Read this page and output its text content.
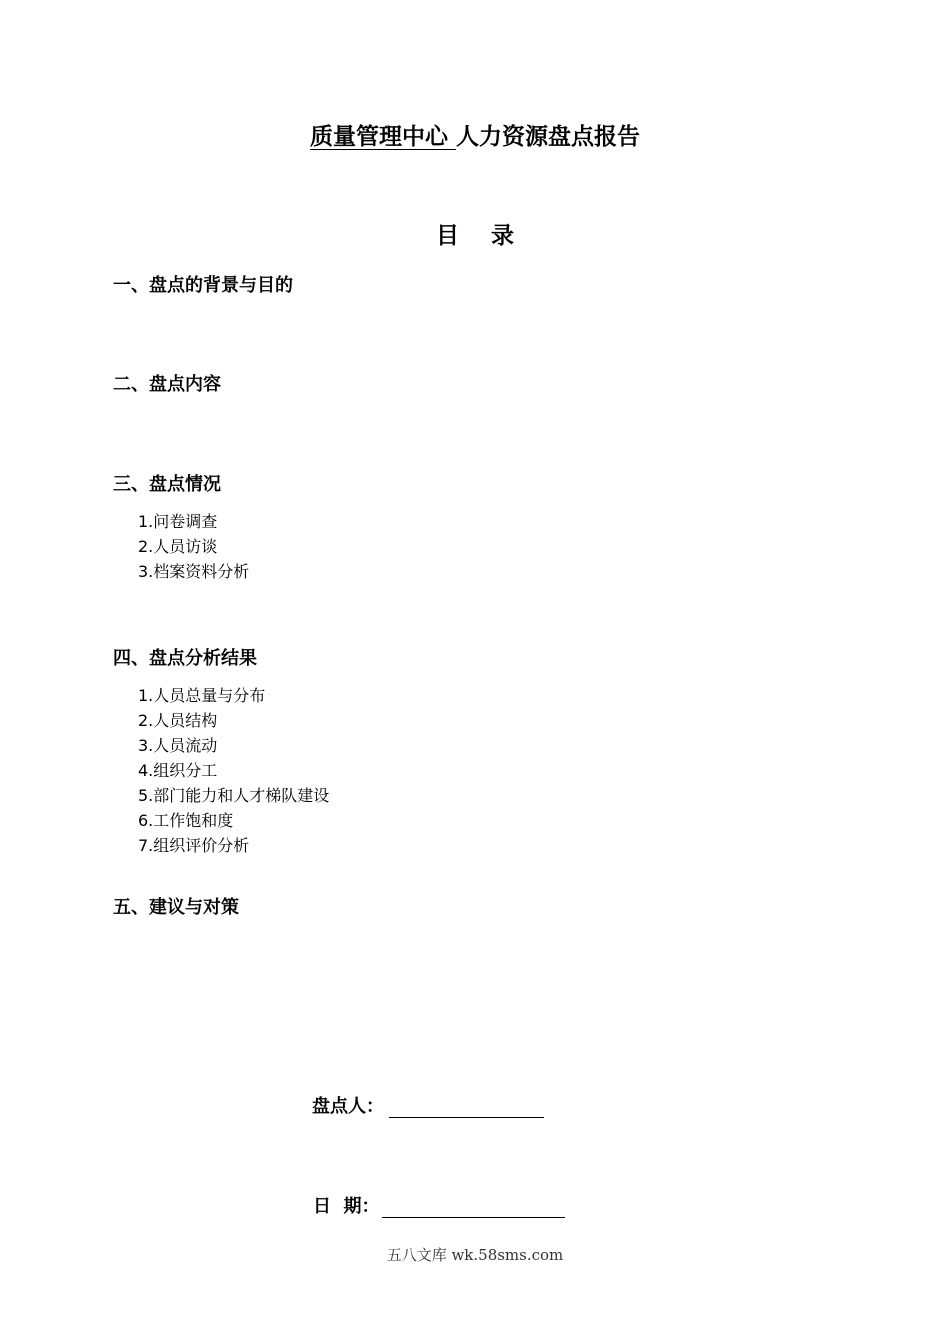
质量管理中心 人力资源盘点报告
目 录
一、盘点的背景与目的
二、盘点内容
三、盘点情况
1.问卷调查
2.人员访谈
3.档案资料分析
四、盘点分析结果
1.人员总量与分布
2.人员结构
3.人员流动
4.组织分工
5.部门能力和人才梯队建设
6.工作饱和度
7.组织评价分析
五、建议与对策
盘点人：
日  期：
五八文库 wk.58sms.com
